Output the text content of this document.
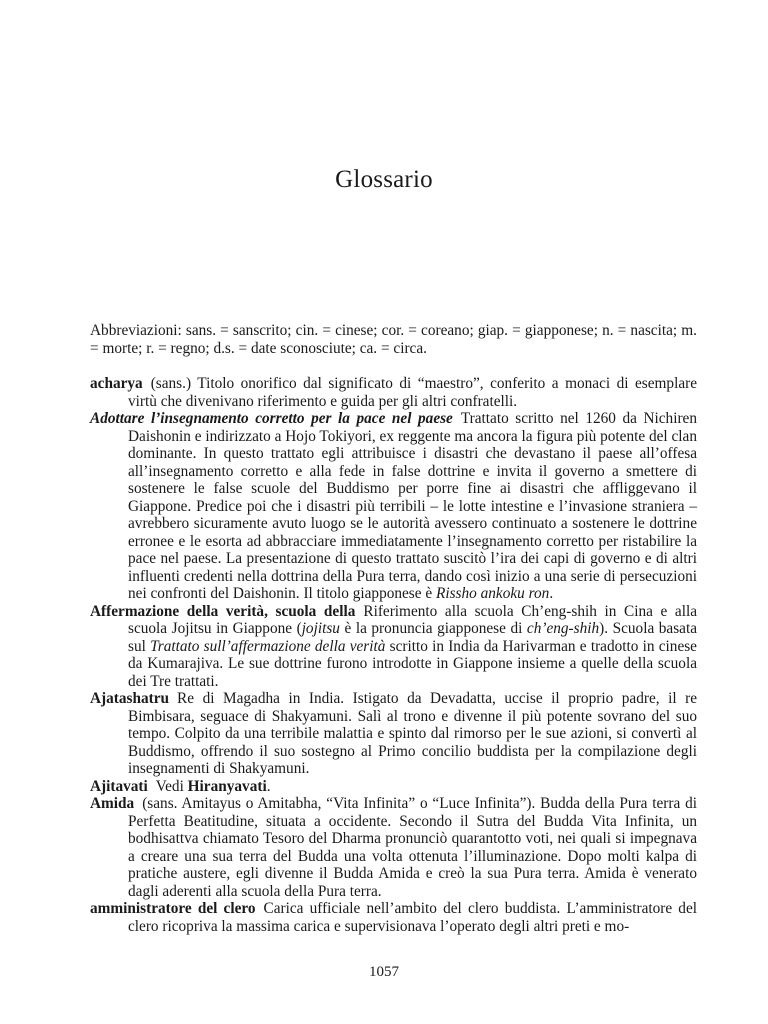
Glossario

Abbreviazioni: sans. = sanscrito; cin. = cinese; cor. = coreano; giap. = giapponese; n. = nascita; m. = morte; r. = regno; d.s. = date sconosciute; ca. = circa.

acharya (sans.) Titolo onorifico dal significato di “maestro”, conferito a monaci di esemplare virtù che divenivano riferimento e guida per gli altri confratelli.

Adottare l’insegnamento corretto per la pace nel paese Trattato scritto nel 1260 da Nichiren Daishonin e indirizzato a Hojo Tokiyori, ex reggente ma ancora la figura più potente del clan dominante. In questo trattato egli attribuisce i disastri che devastano il paese all’offesa all’insegnamento corretto e alla fede in false dottrine e invita il governo a smettere di sostenere le false scuole del Buddismo per porre fine ai disastri che affliggevano il Giappone. Predice poi che i disastri più terribili – le lotte intestine e l’invasione straniera – avrebbero sicuramente avuto luogo se le autorità avessero continuato a sostenere le dottrine erronee e le esorta ad abbracciare immediatamente l’insegnamento corretto per ristabilire la pace nel paese. La presentazione di questo trattato suscitò l’ira dei capi di governo e di altri influenti credenti nella dottrina della Pura terra, dando così inizio a una serie di persecuzioni nei confronti del Daishonin. Il titolo giapponese è Rissho ankoku ron.

Affermazione della verità, scuola della Riferimento alla scuola Ch’eng-shih in Cina e alla scuola Jojitsu in Giappone (jojitsu è la pronuncia giapponese di ch’eng-shih). Scuola basata sul Trattato sull’affermazione della verità scritto in India da Harivarman e tradotto in cinese da Kumarajiva. Le sue dottrine furono introdotte in Giappone insieme a quelle della scuola dei Tre trattati.

Ajatashatru Re di Magadha in India. Istigato da Devadatta, uccise il proprio padre, il re Bimbisara, seguace di Shakyamuni. Salì al trono e divenne il più potente sovrano del suo tempo. Colpito da una terribile malattia e spinto dal rimorso per le sue azioni, si convertì al Buddismo, offrendo il suo sostegno al Primo concilio buddista per la compilazione degli insegnamenti di Shakyamuni.

Ajitavati Vedi Hiranyavati.

Amida (sans. Amitayus o Amitabha, “Vita Infinita” o “Luce Infinita”). Budda della Pura terra di Perfetta Beatitudine, situata a occidente. Secondo il Sutra del Budda Vita Infinita, un bodhisattva chiamato Tesoro del Dharma pronunciò quarantotto voti, nei quali si impegnava a creare una sua terra del Budda una volta ottenuta l’illuminazione. Dopo molti kalpa di pratiche austere, egli divenne il Budda Amida e creò la sua Pura terra. Amida è venerato dagli aderenti alla scuola della Pura terra.

amministratore del clero Carica ufficiale nell’ambito del clero buddista. L’amministratore del clero ricopriva la massima carica e supervisionava l’operato degli altri preti e mo-

1057
